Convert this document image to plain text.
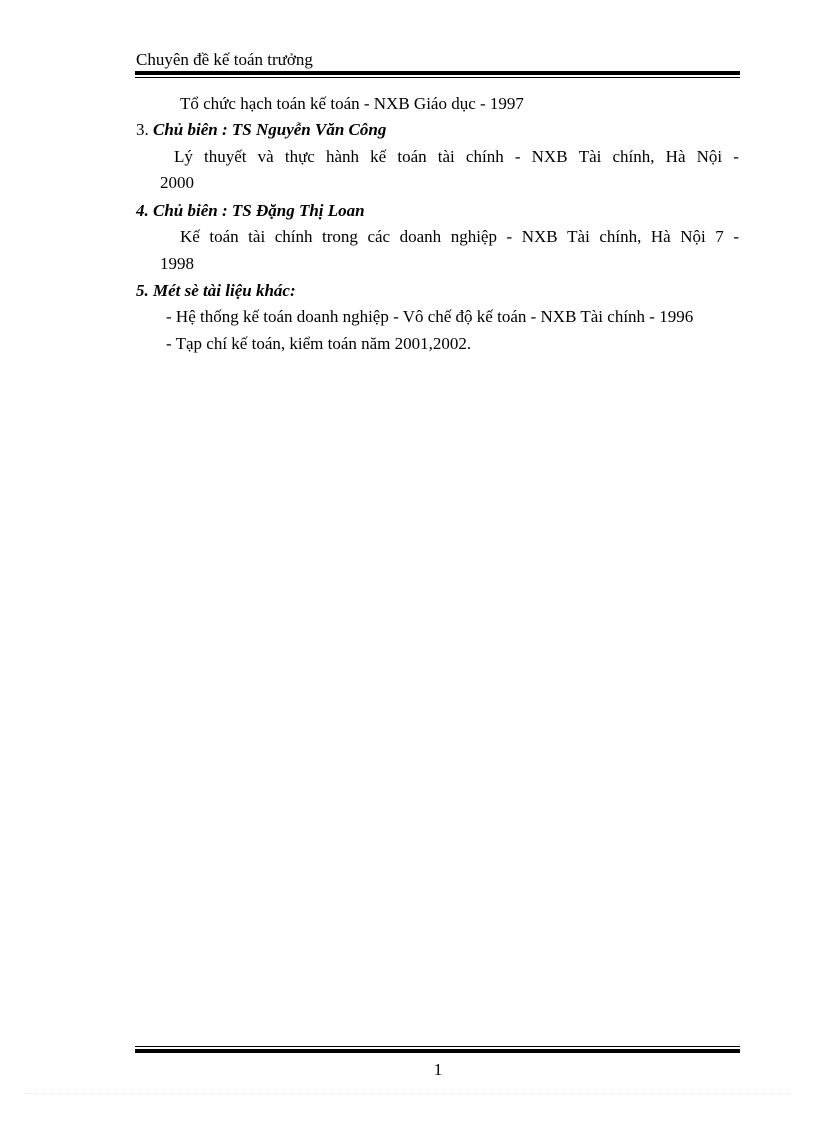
Chuyên đề kế toán trưởng
Tổ chức hạch toán kế toán - NXB Giáo dục - 1997
3. Chủ biên : TS Nguyễn Văn Công
Lý thuyết và thực hành kế toán tài chính - NXB Tài chính, Hà Nội -
2000
4. Chủ biên : TS Đặng Thị Loan
Kế toán tài chính trong các doanh nghiệp - NXB Tài chính, Hà Nội 7 -
1998
5. Mét sè tài liệu khác:
- Hệ thống kế toán doanh nghiệp - Vô chế độ kế toán - NXB Tài chính - 1996
- Tạp chí kế toán, kiểm toán năm 2001,2002.
1
